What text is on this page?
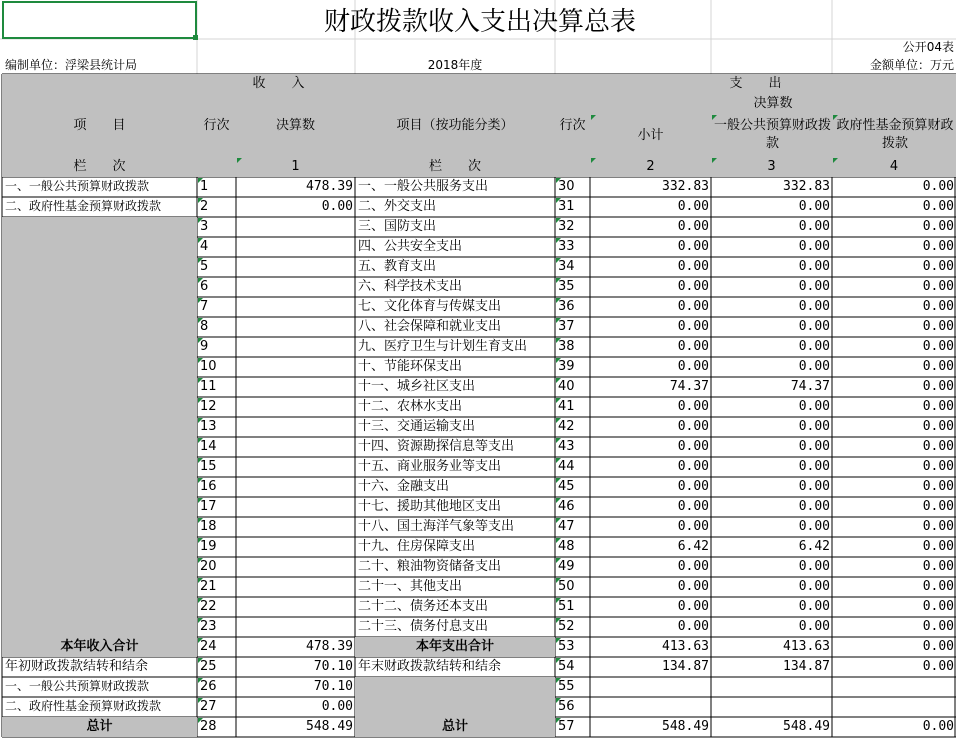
财政拨款收入支出决算总表
公开04表
编制单位：浮梁县统计局	2018年度	金额单位：万元
收　　入	支　　出
项　　目	行次	决算数	项目（按功能分类）	行次
决算数
小计
一般公共预算财政拨款
政府性基金预算财政拨款
栏　　次	1	栏　　次	2	3	4
一、一般公共预算财政拨款	1	478.39 一、一般公共服务支出	30	332.83	332.83	0.00
二、政府性基金预算财政拨款	2	0.00 二、外交支出	31	0.00	0.00	0.00
3	三、国防支出	32	0.00	0.00	0.00
4	四、公共安全支出	33	0.00	0.00	0.00
5	五、教育支出	34	0.00	0.00	0.00
6	六、科学技术支出	35	0.00	0.00	0.00
7	七、文化体育与传媒支出	36	0.00	0.00	0.00
8	八、社会保障和就业支出	37	0.00	0.00	0.00
9	九、医疗卫生与计划生育支出	38	0.00	0.00	0.00
10	十、节能环保支出	39	0.00	0.00	0.00
11	十一、城乡社区支出	40	74.37	74.37	0.00
12	十二、农林水支出	41	0.00	0.00	0.00
13	十三、交通运输支出	42	0.00	0.00	0.00
14	十四、资源勘探信息等支出	43	0.00	0.00	0.00
15	十五、商业服务业等支出	44	0.00	0.00	0.00
16	十六、金融支出	45	0.00	0.00	0.00
17	十七、援助其他地区支出	46	0.00	0.00	0.00
18	十八、国土海洋气象等支出	47	0.00	0.00	0.00
19	十九、住房保障支出	48	6.42	6.42	0.00
20	二十、粮油物资储备支出	49	0.00	0.00	0.00
21	二十一、其他支出	50	0.00	0.00	0.00
22	二十二、债务还本支出	51	0.00	0.00	0.00
23	二十三、债务付息支出	52	0.00	0.00	0.00
本年收入合计	24	478.39	本年支出合计	53	413.63	413.63	0.00
年初财政拨款结转和结余	25	70.10 年末财政拨款结转和结余	54	134.87	134.87	0.00
一、一般公共预算财政拨款	26	70.10	55
二、政府性基金预算财政拨款	27	0.00	56
总计	28	548.49	总计	57	548.49	548.49	0.00
